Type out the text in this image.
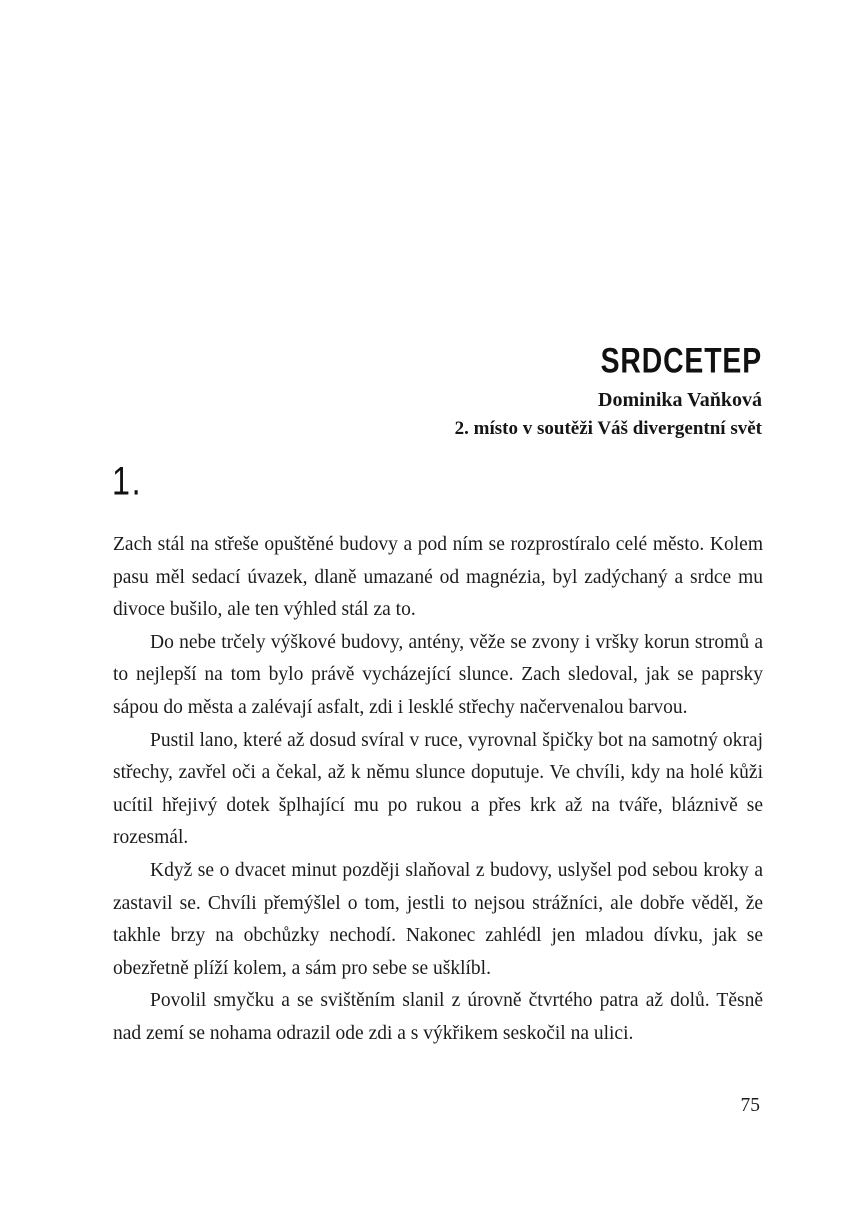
SRDCETEP
Dominika Vaňková
2. místo v soutěži Váš divergentní svět
1.

Zach stál na střeše opuštěné budovy a pod ním se rozprostíralo celé město. Kolem pasu měl sedací úvazek, dlaně umazané od magnézia, byl zadýchaný a srdce mu divoce bušilo, ale ten výhled stál za to.

Do nebe trčely výškové budovy, antény, věže se zvony i vršky korun stromů a to nejlepší na tom bylo právě vycházející slunce. Zach sledoval, jak se paprsky sápou do města a zalévají asfalt, zdi i lesklé střechy načervenalou barvou.

Pustil lano, které až dosud svíral v ruce, vyrovnal špičky bot na samotný okraj střechy, zavřel oči a čekal, až k němu slunce doputuje. Ve chvíli, kdy na holé kůži ucítil hřejivý dotek šplhající mu po rukou a přes krk až na tváře, bláznivě se rozesmál.

Když se o dvacet minut později slaňoval z budovy, uslyšel pod sebou kroky a zastavil se. Chvíli přemýšlel o tom, jestli to nejsou strážníci, ale dobře věděl, že takhle brzy na obchůzky nechodí. Nakonec zahlédl jen mladou dívku, jak se obezřetně plíží kolem, a sám pro sebe se ušklíbl.

Povolil smyčku a se svištěním slanil z úrovně čtvrtého patra až dolů. Těsně nad zemí se nohama odrazil ode zdi a s výkřikem seskočil na ulici.

75
